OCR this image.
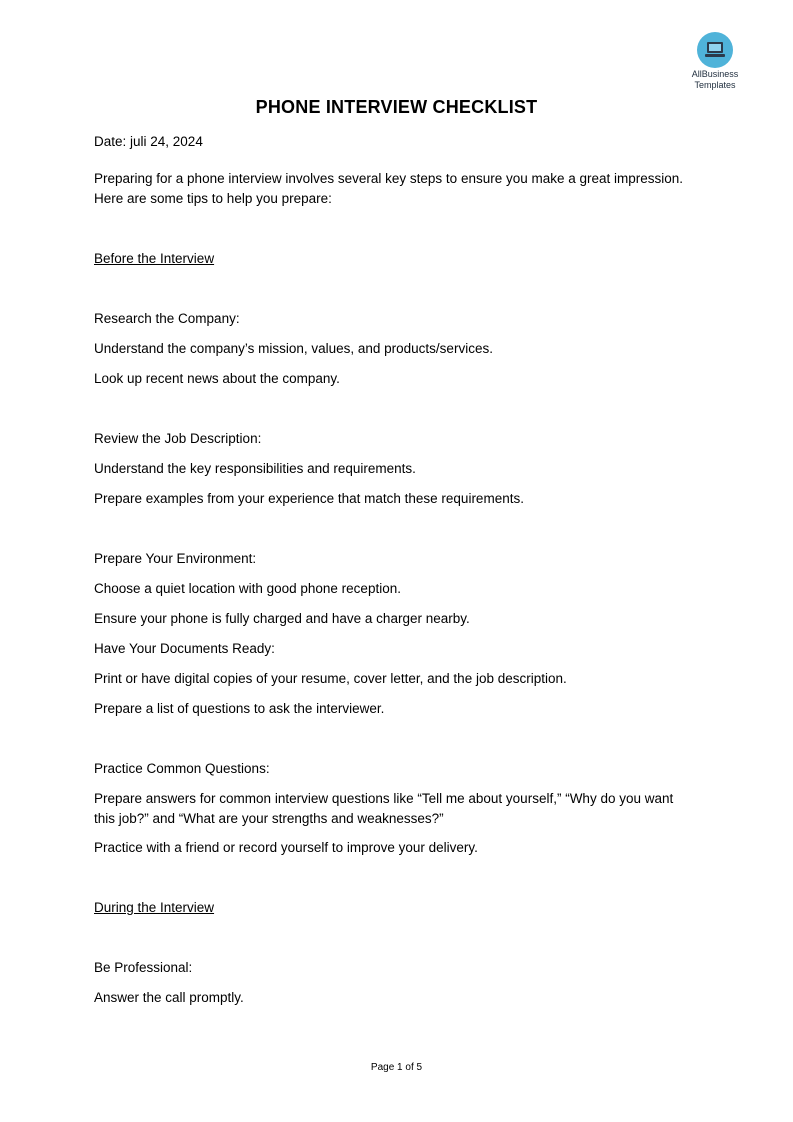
AllBusiness
Templates
PHONE INTERVIEW CHECKLIST
Date: juli 24, 2024
Preparing for a phone interview involves several key steps to ensure you make a great impression.
Here are some tips to help you prepare:
Before the Interview
Research the Company:
Understand the company’s mission, values, and products/services.
Look up recent news about the company.
Review the Job Description:
Understand the key responsibilities and requirements.
Prepare examples from your experience that match these requirements.
Prepare Your Environment:
Choose a quiet location with good phone reception.
Ensure your phone is fully charged and have a charger nearby.
Have Your Documents Ready:
Print or have digital copies of your resume, cover letter, and the job description.
Prepare a list of questions to ask the interviewer.
Practice Common Questions:
Prepare answers for common interview questions like “Tell me about yourself,” “Why do you want
this job?” and “What are your strengths and weaknesses?”
Practice with a friend or record yourself to improve your delivery.
During the Interview
Be Professional:
Answer the call promptly.
Page 1 of 5
